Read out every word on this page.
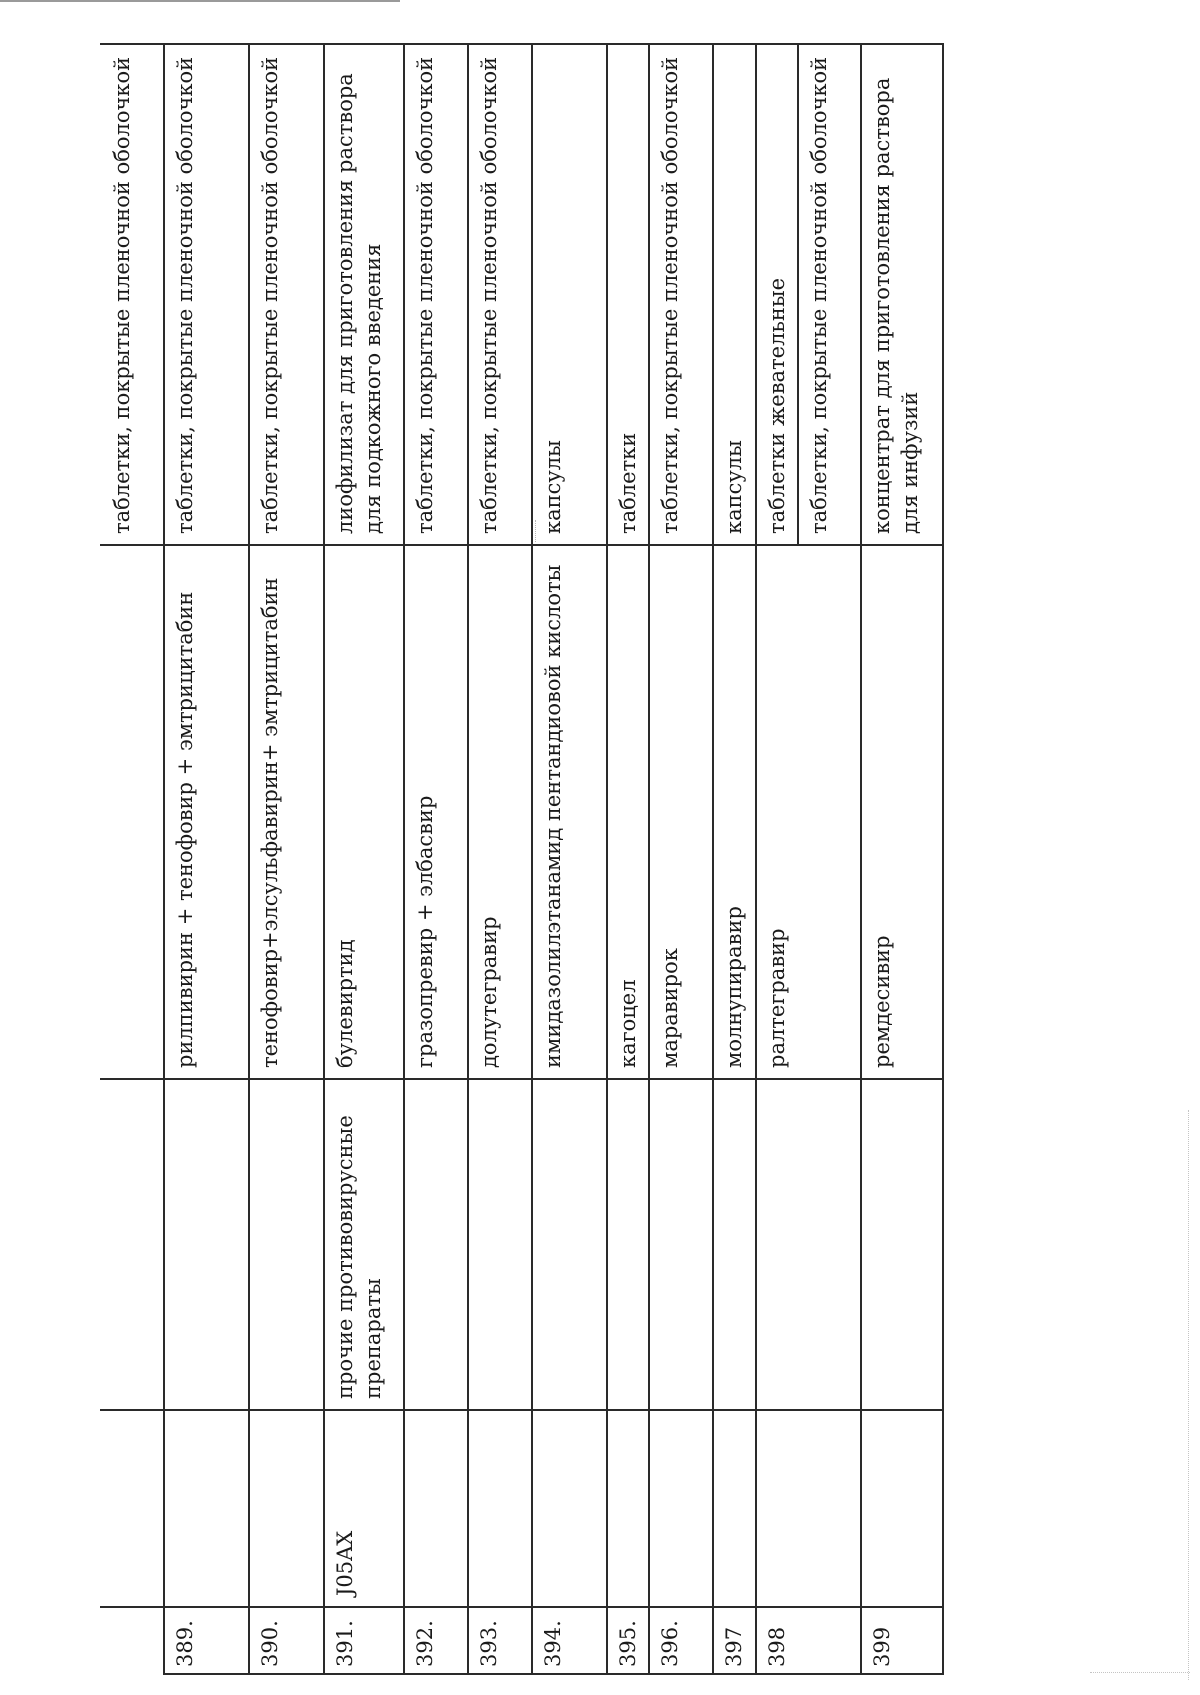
				таблетки, покрытые пленочной оболочкой
389.			рилпивирин + тенофовир + эмтрицитабин	таблетки, покрытые пленочной оболочкой
390.			тенофовир+элсульфавирин+ эмтрицитабин	таблетки, покрытые пленочной оболочкой
391.	J05AX	прочие противовирусные препараты	булевиртид	лиофилизат для приготовления раствора для подкожного введения
392.			гразопревир + элбасвир	таблетки, покрытые пленочной оболочкой
393.			долутегравир	таблетки, покрытые пленочной оболочкой
394.			имидазолилэтанамид пентандиовой кислоты	капсулы
395.			кагоцел	таблетки
396.			маравирок	таблетки, покрытые пленочной оболочкой
397			молнупиравир	капсулы
398			ралтегравир	таблетки жевательные
				таблетки, покрытые пленочной оболочкой
399			ремдесивир	концентрат для приготовления раствора для инфузий
